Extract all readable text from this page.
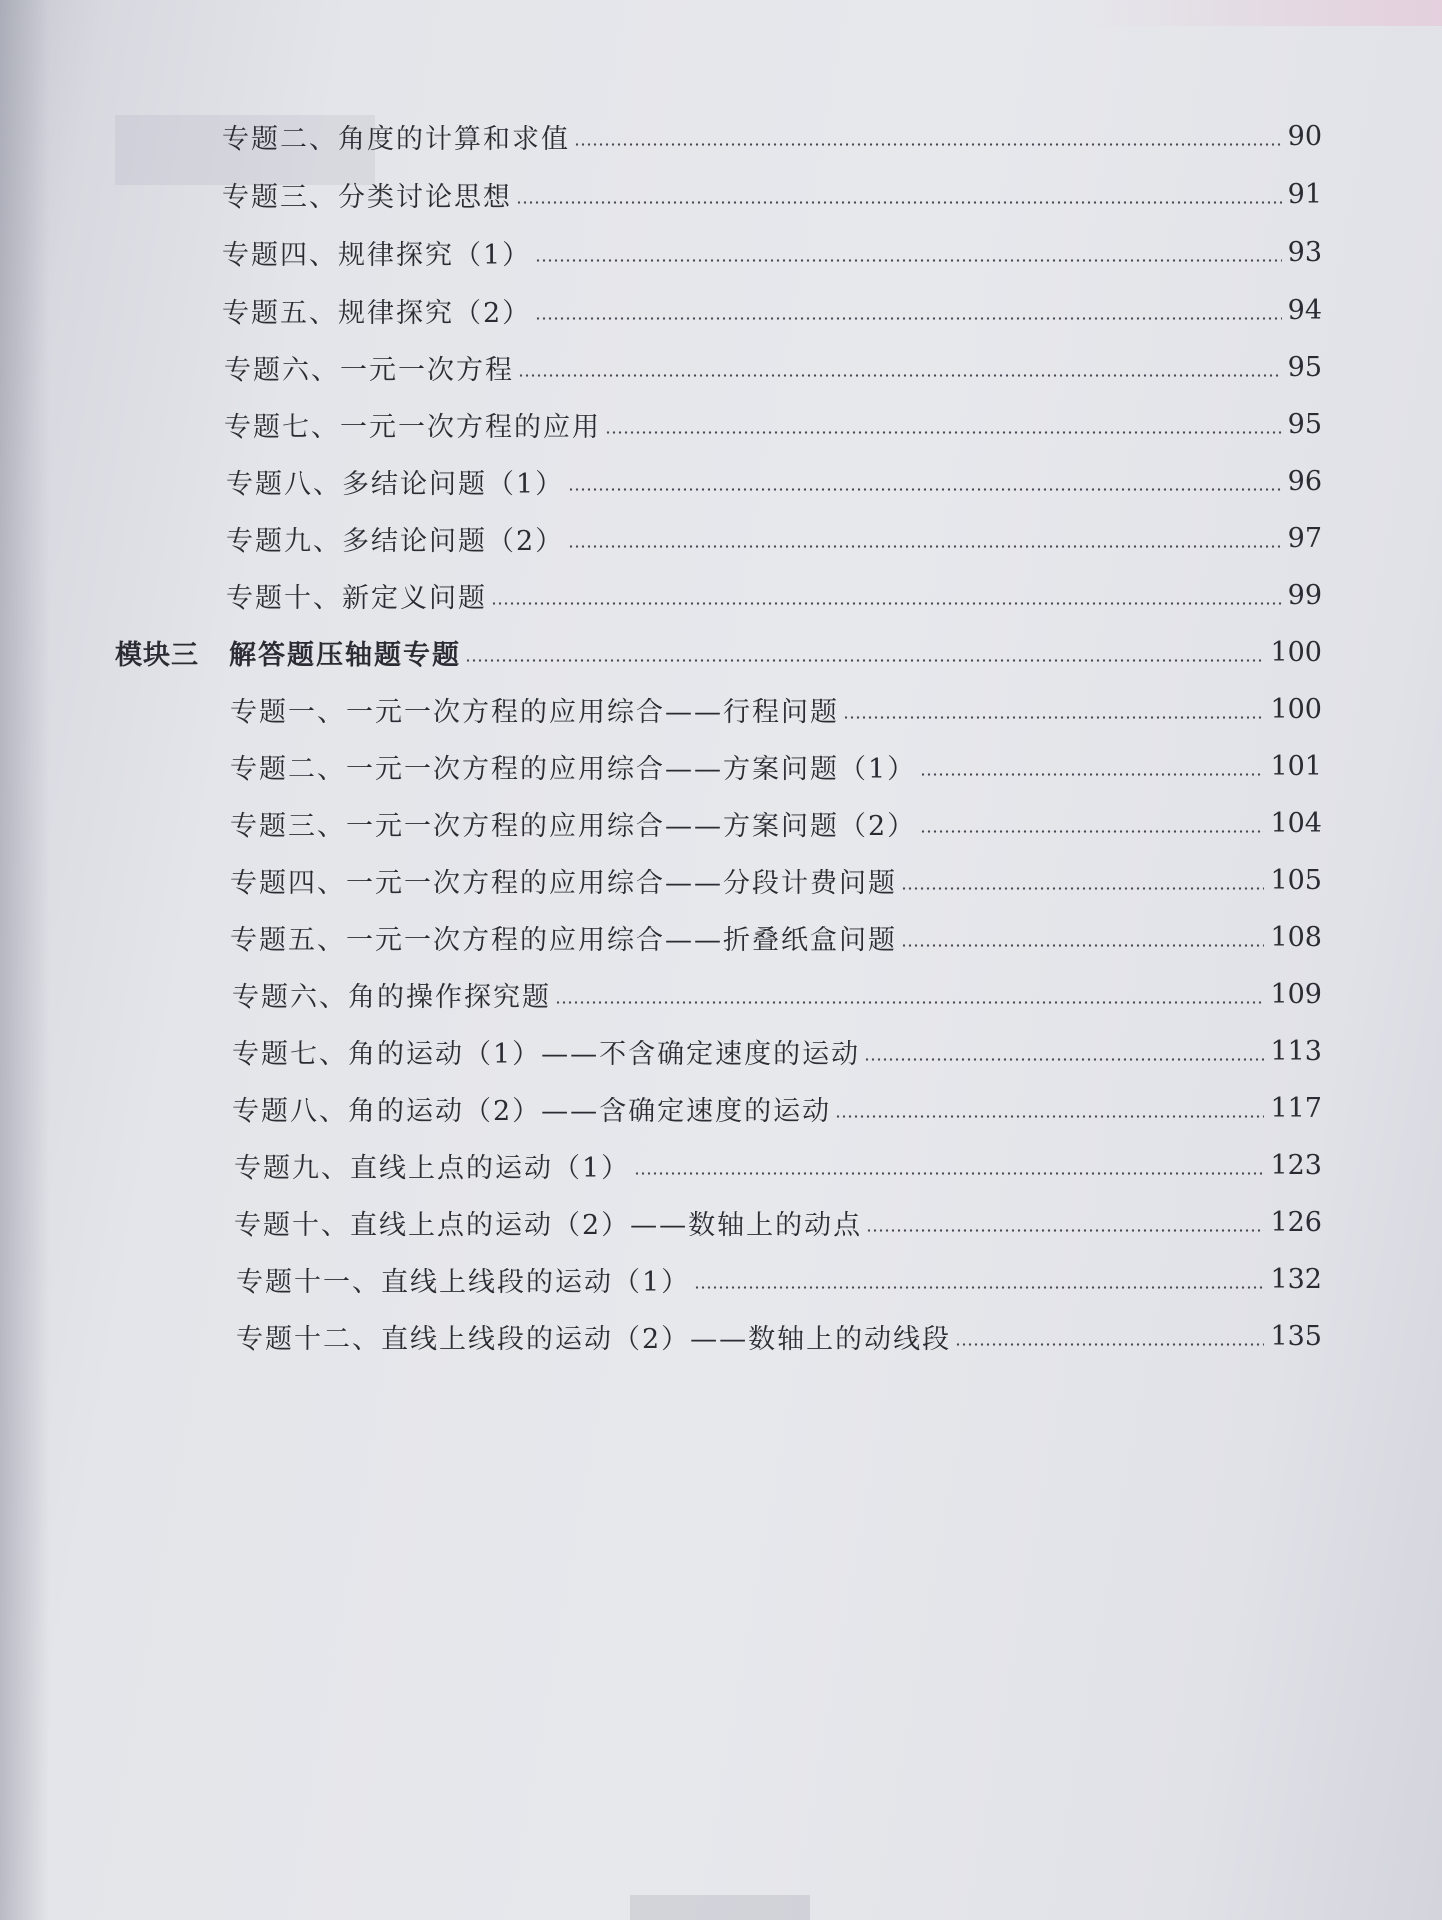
专题二、角度的计算和求值	90
专题三、分类讨论思想	91
专题四、规律探究（1）	93
专题五、规律探究（2）	94
专题六、一元一次方程	95
专题七、一元一次方程的应用	95
专题八、多结论问题（1）	96
专题九、多结论问题（2）	97
专题十、新定义问题	99
模块三 解答题压轴题专题	100
专题一、一元一次方程的应用综合——行程问题	100
专题二、一元一次方程的应用综合——方案问题（1）	101
专题三、一元一次方程的应用综合——方案问题（2）	104
专题四、一元一次方程的应用综合——分段计费问题	105
专题五、一元一次方程的应用综合——折叠纸盒问题	108
专题六、角的操作探究题	109
专题七、角的运动（1）——不含确定速度的运动	113
专题八、角的运动（2）——含确定速度的运动	117
专题九、直线上点的运动（1）	123
专题十、直线上点的运动（2）——数轴上的动点	126
专题十一、直线上线段的运动（1）	132
专题十二、直线上线段的运动（2）——数轴上的动线段	135
